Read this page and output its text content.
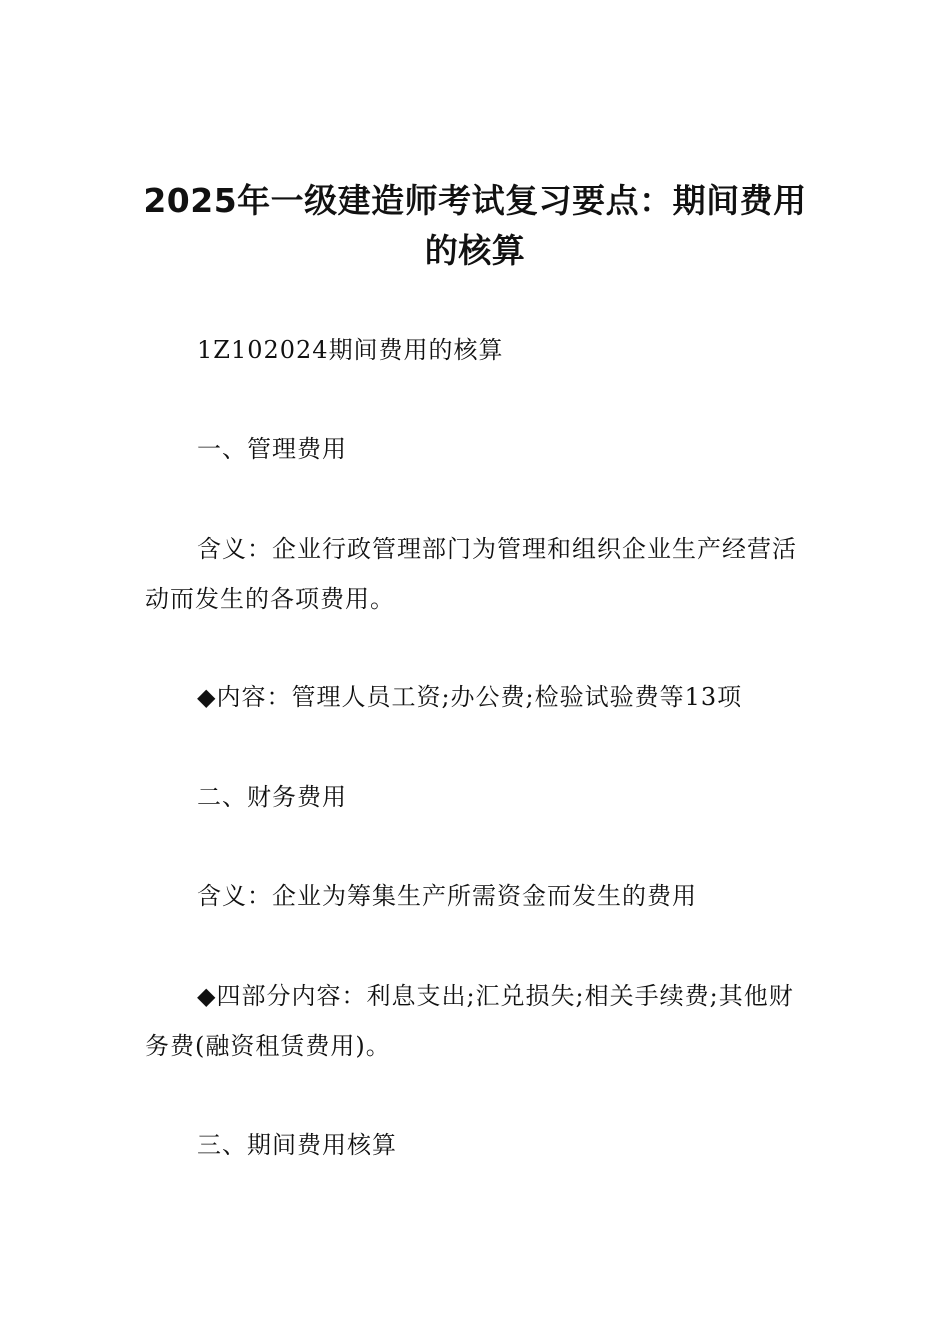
2025年一级建造师考试复习要点：期间费用的核算

1Z102024期间费用的核算

一、管理费用

含义：企业行政管理部门为管理和组织企业生产经营活动而发生的各项费用。

◆内容：管理人员工资;办公费;检验试验费等13项

二、财务费用

含义：企业为筹集生产所需资金而发生的费用

◆四部分内容：利息支出;汇兑损失;相关手续费;其他财务费(融资租赁费用)。

三、期间费用核算
